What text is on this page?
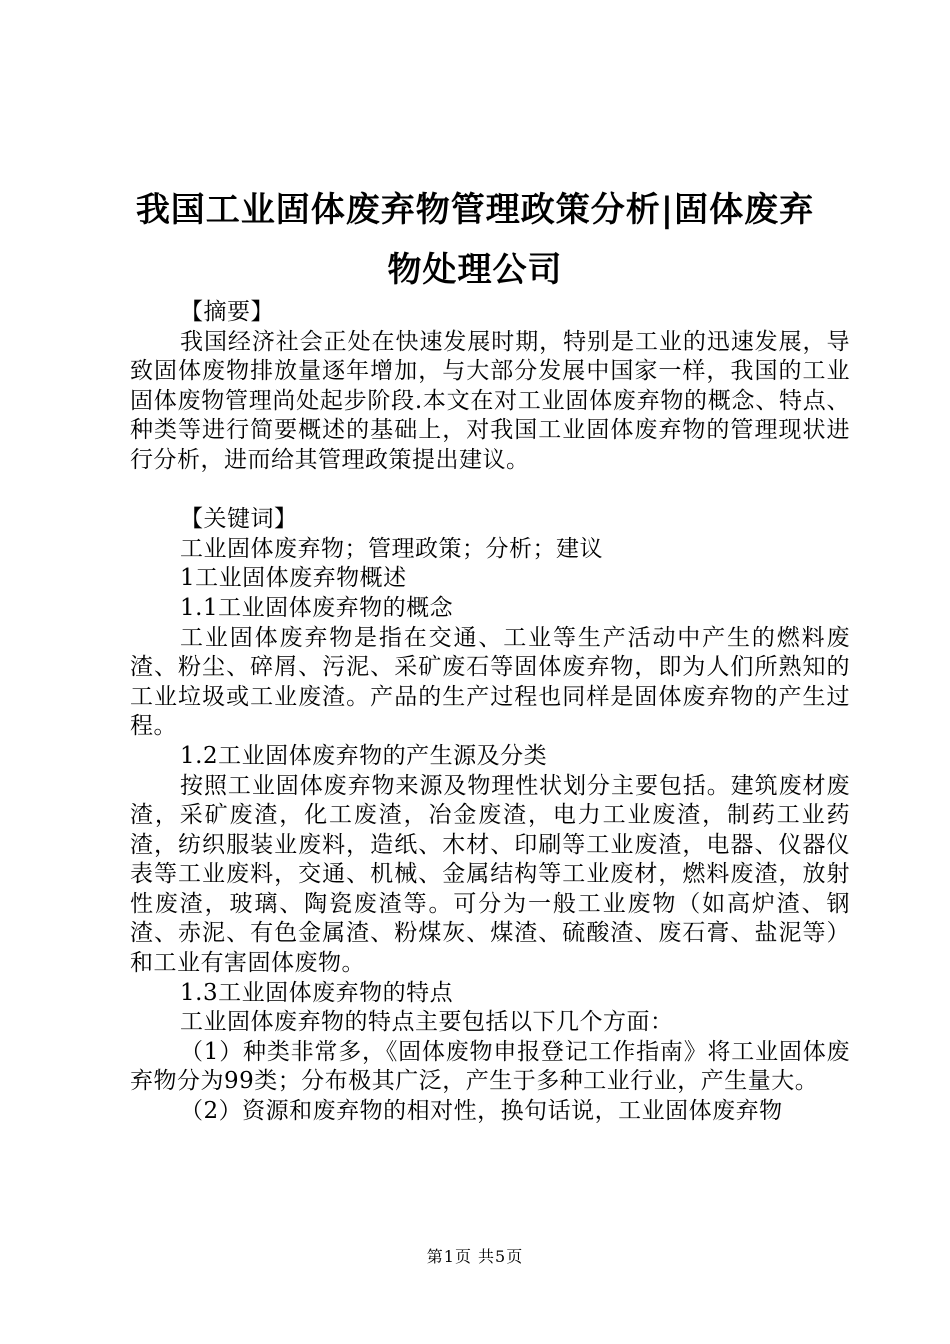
我国工业固体废弃物管理政策分析|固体废弃物处理公司

【摘要】

我国经济社会正处在快速发展时期，特别是工业的迅速发展，导致固体废物排放量逐年增加，与大部分发展中国家一样，我国的工业固体废物管理尚处起步阶段.本文在对工业固体废弃物的概念、特点、种类等进行简要概述的基础上，对我国工业固体废弃物的管理现状进行分析，进而给其管理政策提出建议。

【关键词】

工业固体废弃物；管理政策；分析；建议

1工业固体废弃物概述

1.1工业固体废弃物的概念

工业固体废弃物是指在交通、工业等生产活动中产生的燃料废渣、粉尘、碎屑、污泥、采矿废石等固体废弃物，即为人们所熟知的工业垃圾或工业废渣。产品的生产过程也同样是固体废弃物的产生过程。

1.2工业固体废弃物的产生源及分类

按照工业固体废弃物来源及物理性状划分主要包括。建筑废材废渣，采矿废渣，化工废渣，冶金废渣，电力工业废渣，制药工业药渣，纺织服装业废料，造纸、木材、印刷等工业废渣，电器、仪器仪表等工业废料，交通、机械、金属结构等工业废材，燃料废渣，放射性废渣，玻璃、陶瓷废渣等。可分为一般工业废物（如高炉渣、钢渣、赤泥、有色金属渣、粉煤灰、煤渣、硫酸渣、废石膏、盐泥等）和工业有害固体废物。

1.3工业固体废弃物的特点

工业固体废弃物的特点主要包括以下几个方面：

（1）种类非常多，《固体废物申报登记工作指南》将工业固体废弃物分为99类；分布极其广泛，产生于多种工业行业，产生量大。

（2）资源和废弃物的相对性，换句话说，工业固体废弃物

第1页 共5页
